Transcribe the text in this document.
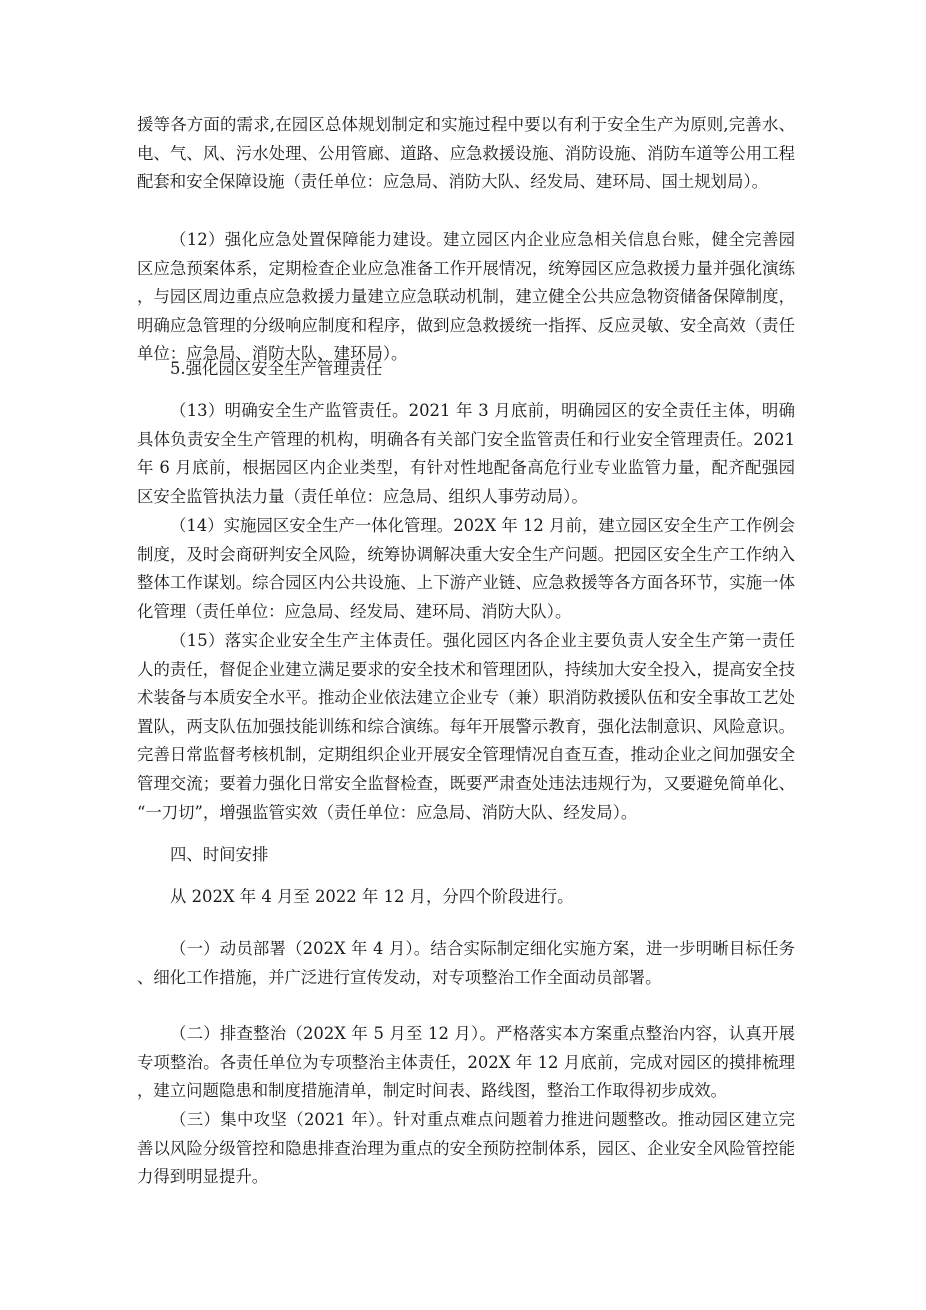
援等各方面的需求,在园区总体规划制定和实施过程中要以有利于安全生产为原则,完善水、电、气、风、污水处理、公用管廊、道路、应急救援设施、消防设施、消防车道等公用工程配套和安全保障设施（责任单位：应急局、消防大队、经发局、建环局、国土规划局）。

（12）强化应急处置保障能力建设。建立园区内企业应急相关信息台账，健全完善园区应急预案体系，定期检查企业应急准备工作开展情况，统筹园区应急救援力量并强化演练，与园区周边重点应急救援力量建立应急联动机制，建立健全公共应急物资储备保障制度，明确应急管理的分级响应制度和程序，做到应急救援统一指挥、反应灵敏、安全高效（责任单位：应急局、消防大队、建环局）。

5.强化园区安全生产管理责任

（13）明确安全生产监管责任。2021 年 3 月底前，明确园区的安全责任主体，明确具体负责安全生产管理的机构，明确各有关部门安全监管责任和行业安全管理责任。2021 年 6 月底前，根据园区内企业类型，有针对性地配备高危行业专业监管力量，配齐配强园区安全监管执法力量（责任单位：应急局、组织人事劳动局）。

（14）实施园区安全生产一体化管理。202X 年 12 月前，建立园区安全生产工作例会制度，及时会商研判安全风险，统筹协调解决重大安全生产问题。把园区安全生产工作纳入整体工作谋划。综合园区内公共设施、上下游产业链、应急救援等各方面各环节，实施一体化管理（责任单位：应急局、经发局、建环局、消防大队）。

（15）落实企业安全生产主体责任。强化园区内各企业主要负责人安全生产第一责任人的责任，督促企业建立满足要求的安全技术和管理团队，持续加大安全投入，提高安全技术装备与本质安全水平。推动企业依法建立企业专（兼）职消防救援队伍和安全事故工艺处置队，两支队伍加强技能训练和综合演练。每年开展警示教育，强化法制意识、风险意识。完善日常监督考核机制，定期组织企业开展安全管理情况自查互查，推动企业之间加强安全管理交流；要着力强化日常安全监督检查，既要严肃查处违法违规行为，又要避免简单化、“一刀切”，增强监管实效（责任单位：应急局、消防大队、经发局）。

四、时间安排

从 202X 年 4 月至 2022 年 12 月，分四个阶段进行。

（一）动员部署（202X 年 4 月）。结合实际制定细化实施方案，进一步明晰目标任务、细化工作措施，并广泛进行宣传发动，对专项整治工作全面动员部署。

（二）排查整治（202X 年 5 月至 12 月）。严格落实本方案重点整治内容，认真开展专项整治。各责任单位为专项整治主体责任，202X 年 12 月底前，完成对园区的摸排梳理，建立问题隐患和制度措施清单，制定时间表、路线图，整治工作取得初步成效。

（三）集中攻坚（2021 年）。针对重点难点问题着力推进问题整改。推动园区建立完善以风险分级管控和隐患排查治理为重点的安全预防控制体系，园区、企业安全风险管控能力得到明显提升。
